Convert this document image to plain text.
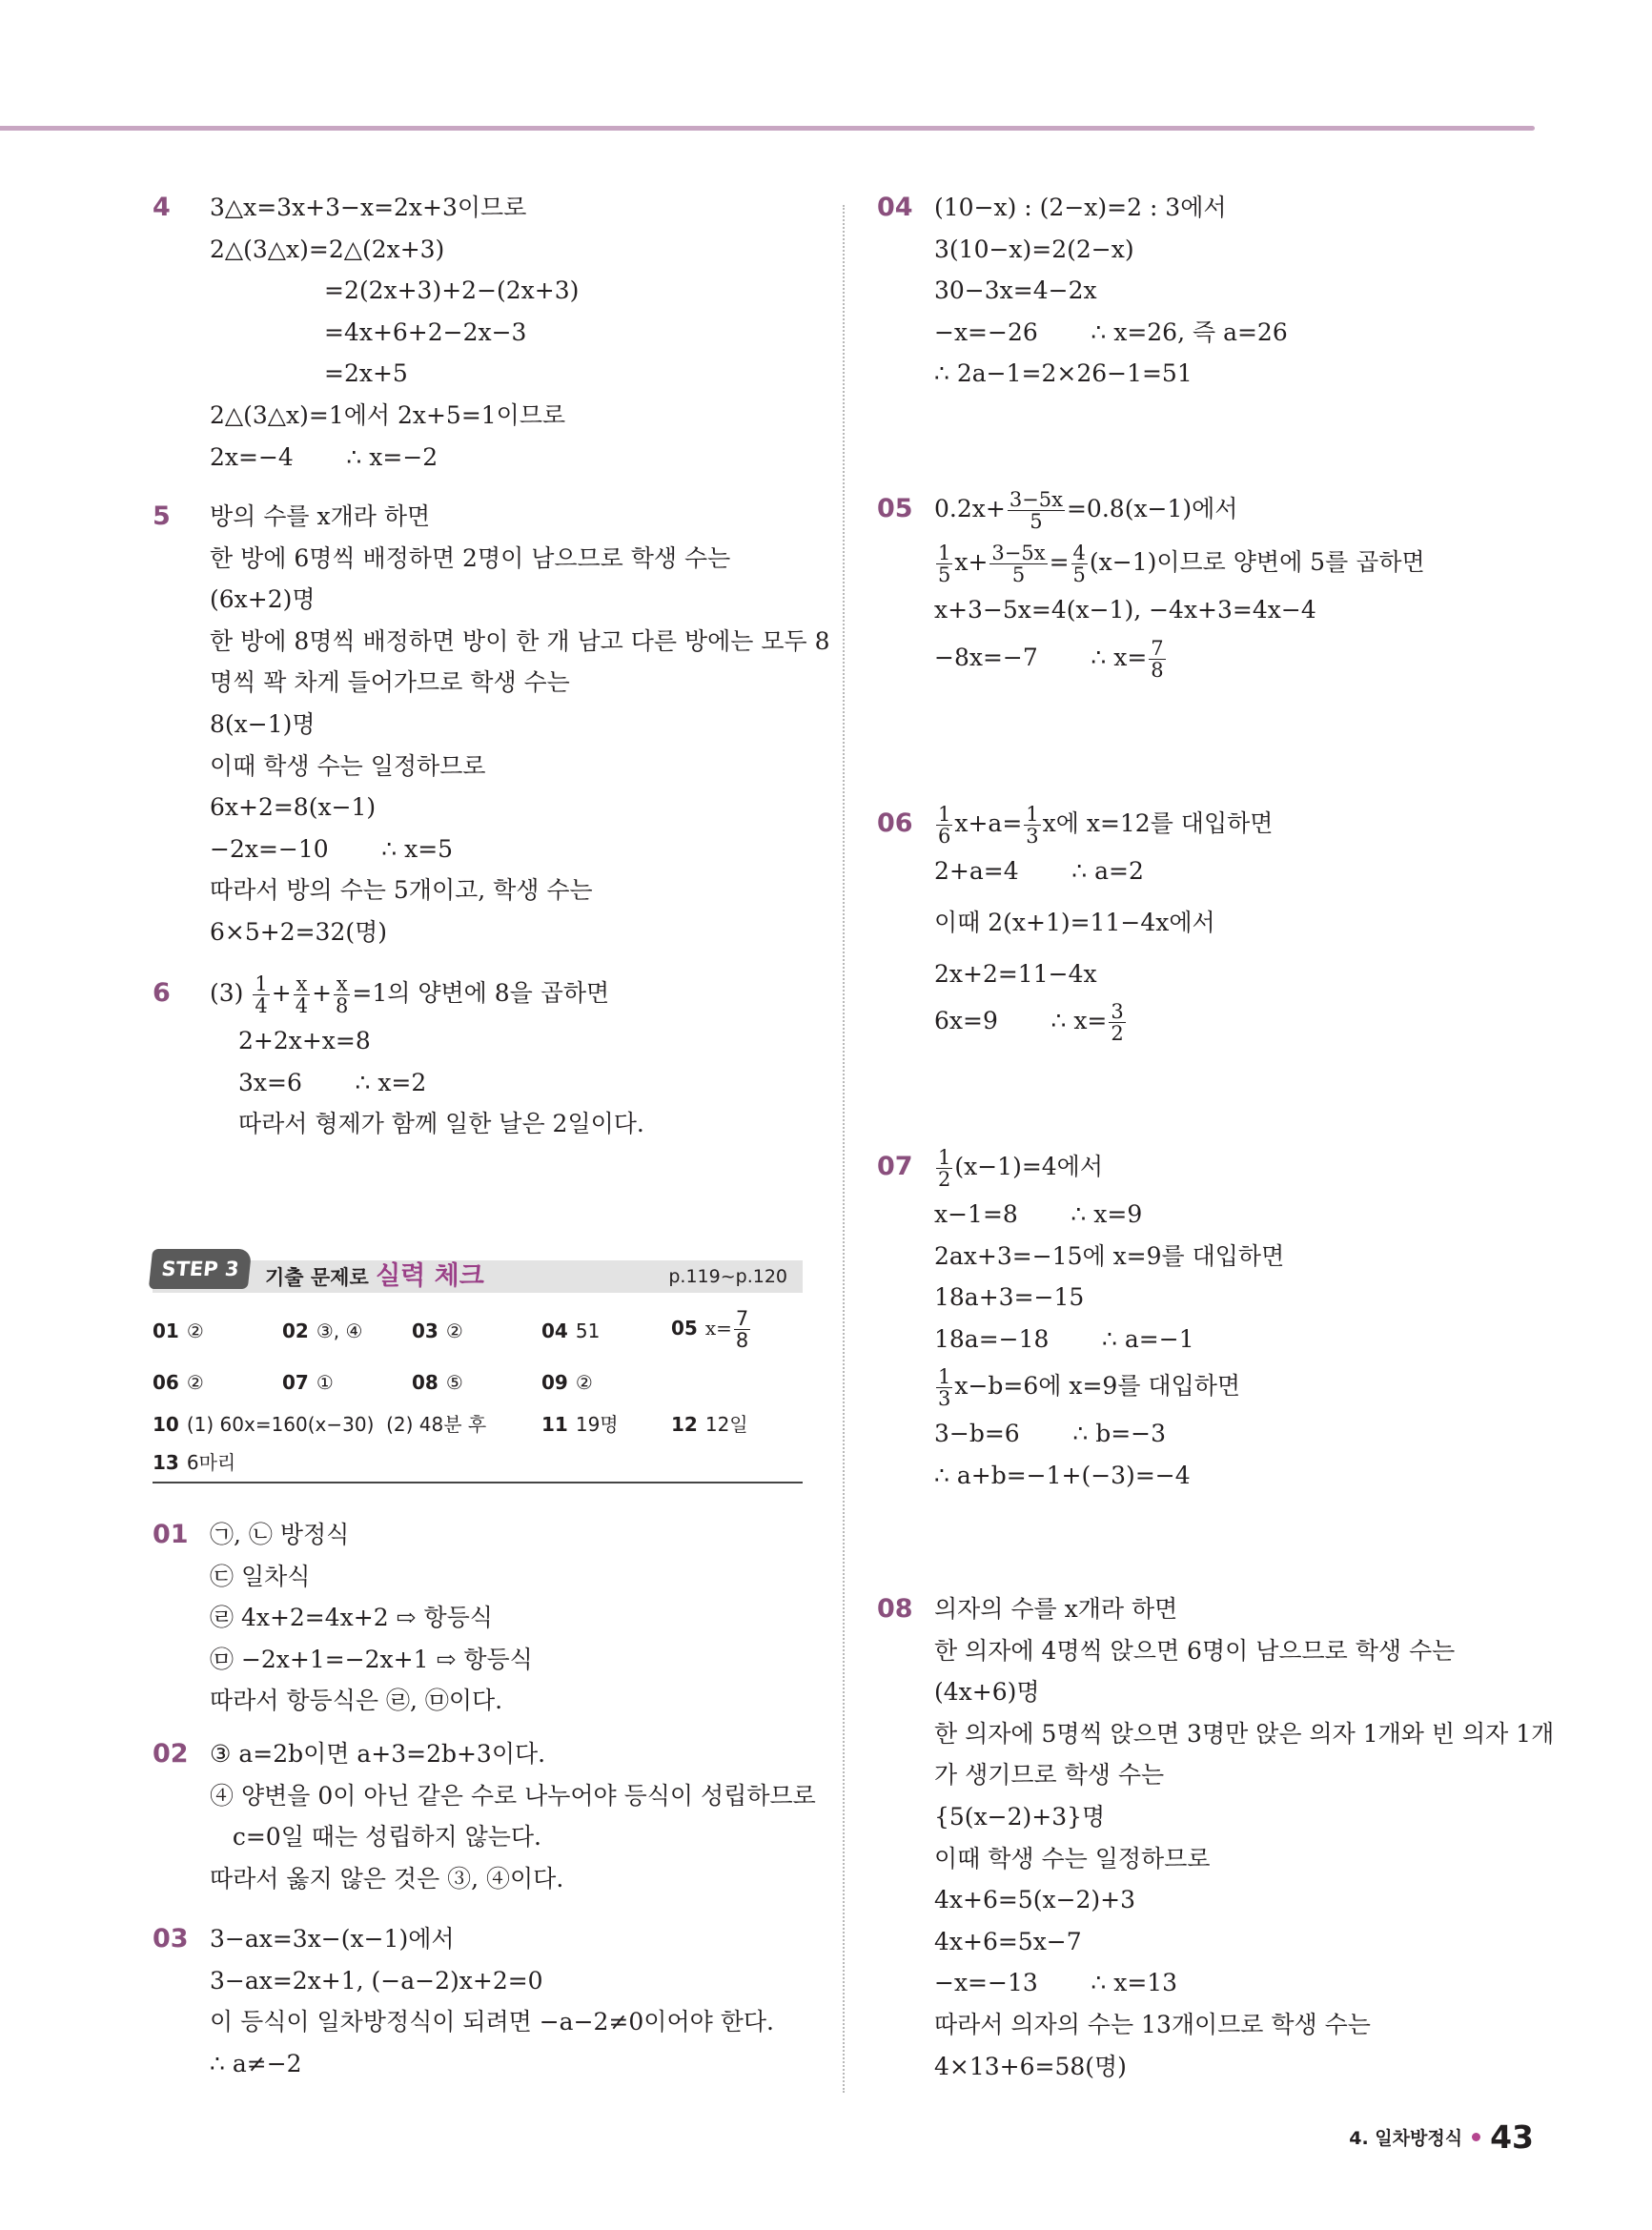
4 3△x=3x+3−x=2x+3이므로
2△(3△x)=2△(2x+3)
=2(2x+3)+2−(2x+3)
=4x+6+2−2x−3
=2x+5
2△(3△x)=1에서 2x+5=1이므로
2x=−4       ∴ x=−2
5 방의 수를 x개라 하면
한 방에 6명씩 배정하면 2명이 남으므로 학생 수는
(6x+2)명
한 방에 8명씩 배정하면 방이 한 개 남고 다른 방에는 모두 8
명씩 꽉 차게 들어가므로 학생 수는
8(x−1)명
이때 학생 수는 일정하므로
6x+2=8(x−1)
−2x=−10       ∴ x=5
따라서 방의 수는 5개이고, 학생 수는
6×5+2=32(명)
6 $(3) \frac{1}{4} + \frac{x}{4} + \frac{x}{8} =1$의 양변에 8을 곱하면
2+2x+x=8
3x=6       ∴ x=2
따라서 형제가 함께 일한 날은 2일이다.
01 ㉠, ㉡ 방정식
㉢ 일차식
㉣ 4x+2=4x+2 ⇨ 항등식
㉤ −2x+1=−2x+1 ⇨ 항등식
따라서 항등식은 ㉣, ㉤이다.
02 ③ a=2b이면 a+3=2b+3이다.
④ 양변을 0이 아닌 같은 수로 나누어야 등식이 성립하므로
c=0일 때는 성립하지 않는다.
따라서 옳지 않은 것은 ③, ④이다.
03 3−ax=3x−(x−1)에서
3−ax=2x+1, (−a−2)x+2=0
이 등식이 일차방정식이 되려면 −a−2≠0이어야 한다.
∴ a≠−2
STEP 3	기출 문제로 실력 체크	p.119~p.120
01 ②	02 ③, ④	03 ②	04 51	05 $x= \frac{7}{8}$
06 ②	07 ①	08 ⑤	09 ②
10 (1) 60x=160(x−30)  (2) 48분 후	11 19명	12 12일
13 6마리
04 (10−x) : (2−x)=2 : 3에서
3(10−x)=2(2−x)
30−3x=4−2x
−x=−26       ∴ x=26, 즉 a=26
∴ 2a−1=2×26−1=51
05 $0.2x+ \frac{3-5x}{5} =0.8(x-1)$에서
$\frac{1}{5} x+ \frac{3-5x}{5} = \frac{4}{5} (x-1)$이므로 양변에 5를 곱하면
x+3−5x=4(x−1), −4x+3=4x−4
−8x=−7       ∴ $x= \frac{7}{8}$
$06 \frac{1}{6} x+a= \frac{1}{3}$ x에 x=12를 대입하면
2+a=4       ∴ a=2
이때 2(x+1)=11−4x에서
2x+2=11−4x
6x=9       ∴ $x= \frac{3}{2}$
$07 \frac{1}{2} (x-1)=4$에서
x−1=8       ∴ x=9
2ax+3=−15에 x=9를 대입하면
18a+3=−15
18a=−18       ∴ a=−1
$\frac{1}{3} x-b=6$에 x=9를 대입하면
3−b=6       ∴ b=−3
∴ a+b=−1+(−3)=−4
08 의자의 수를 x개라 하면
한 의자에 4명씩 앉으면 6명이 남으므로 학생 수는
(4x+6)명
한 의자에 5명씩 앉으면 3명만 앉은 의자 1개와 빈 의자 1개
가 생기므로 학생 수는
{5(x−2)+3}명
이때 학생 수는 일정하므로
4x+6=5(x−2)+3
4x+6=5x−7
−x=−13       ∴ x=13
따라서 의자의 수는 13개이므로 학생 수는
4×13+6=58(명)
4. 일차방정식 43
